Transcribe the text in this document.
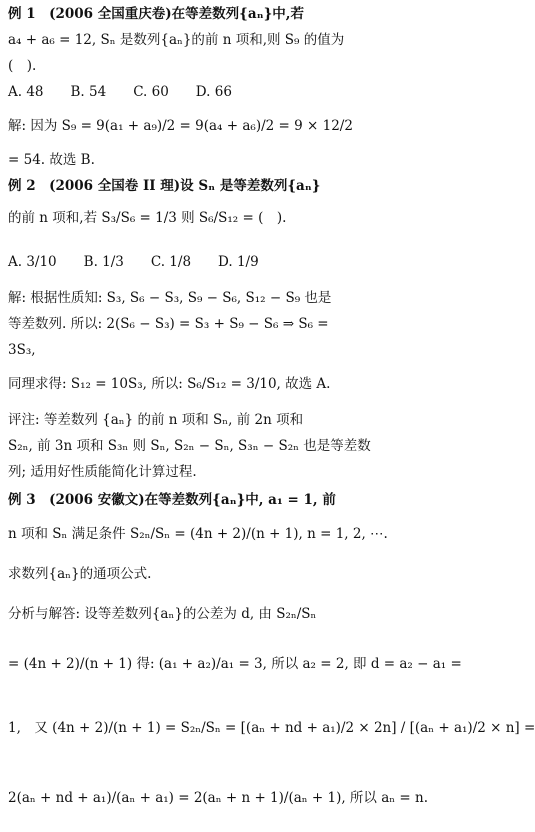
例 1　(2006 全国重庆卷)在等差数列{aₙ}中,若
a₄ + a₆ = 12, Sₙ 是数列{aₙ}的前 n 项和,则 S₉ 的值为
(　).
A. 48　　B. 54　　C. 60　　D. 66
解: 因为 S₉ = 9(a₁ + a₉)/2 = 9(a₄ + a₆)/2 = 9 × 12/2
= 54. 故选 B.
例 2　(2006 全国卷 II 理)设 Sₙ 是等差数列{aₙ}
的前 n 项和,若 S₃/S₆ = 1/3 则 S₆/S₁₂ = (　).
A. 3/10　　B. 1/3　　C. 1/8　　D. 1/9
解: 根据性质知: S₃, S₆ − S₃, S₉ − S₆, S₁₂ − S₉ 也是
等差数列. 所以: 2(S₆ − S₃) = S₃ + S₉ − S₆ ⇒ S₆ =
3S₃,
同理求得: S₁₂ = 10S₃, 所以: S₆/S₁₂ = 3/10, 故选 A.
评注: 等差数列 {aₙ} 的前 n 项和 Sₙ, 前 2n 项和
S₂ₙ, 前 3n 项和 S₃ₙ 则 Sₙ, S₂ₙ − Sₙ, S₃ₙ − S₂ₙ 也是等差数
列; 适用好性质能简化计算过程.
例 3　(2006 安徽文)在等差数列{aₙ}中, a₁ = 1, 前
n 项和 Sₙ 满足条件 S₂ₙ/Sₙ = (4n + 2)/(n + 1), n = 1, 2, ⋯.
求数列{aₙ}的通项公式.
分析与解答: 设等差数列{aₙ}的公差为 d, 由 S₂ₙ/Sₙ
= (4n + 2)/(n + 1) 得: (a₁ + a₂)/a₁ = 3, 所以 a₂ = 2, 即 d = a₂ − a₁ =
1,　又 (4n + 2)/(n + 1) = S₂ₙ/Sₙ = [(aₙ + nd + a₁)/2 × 2n] / [(aₙ + a₁)/2 × n] =
2(aₙ + nd + a₁)/(aₙ + a₁) = 2(aₙ + n + 1)/(aₙ + 1), 所以 aₙ = n.
